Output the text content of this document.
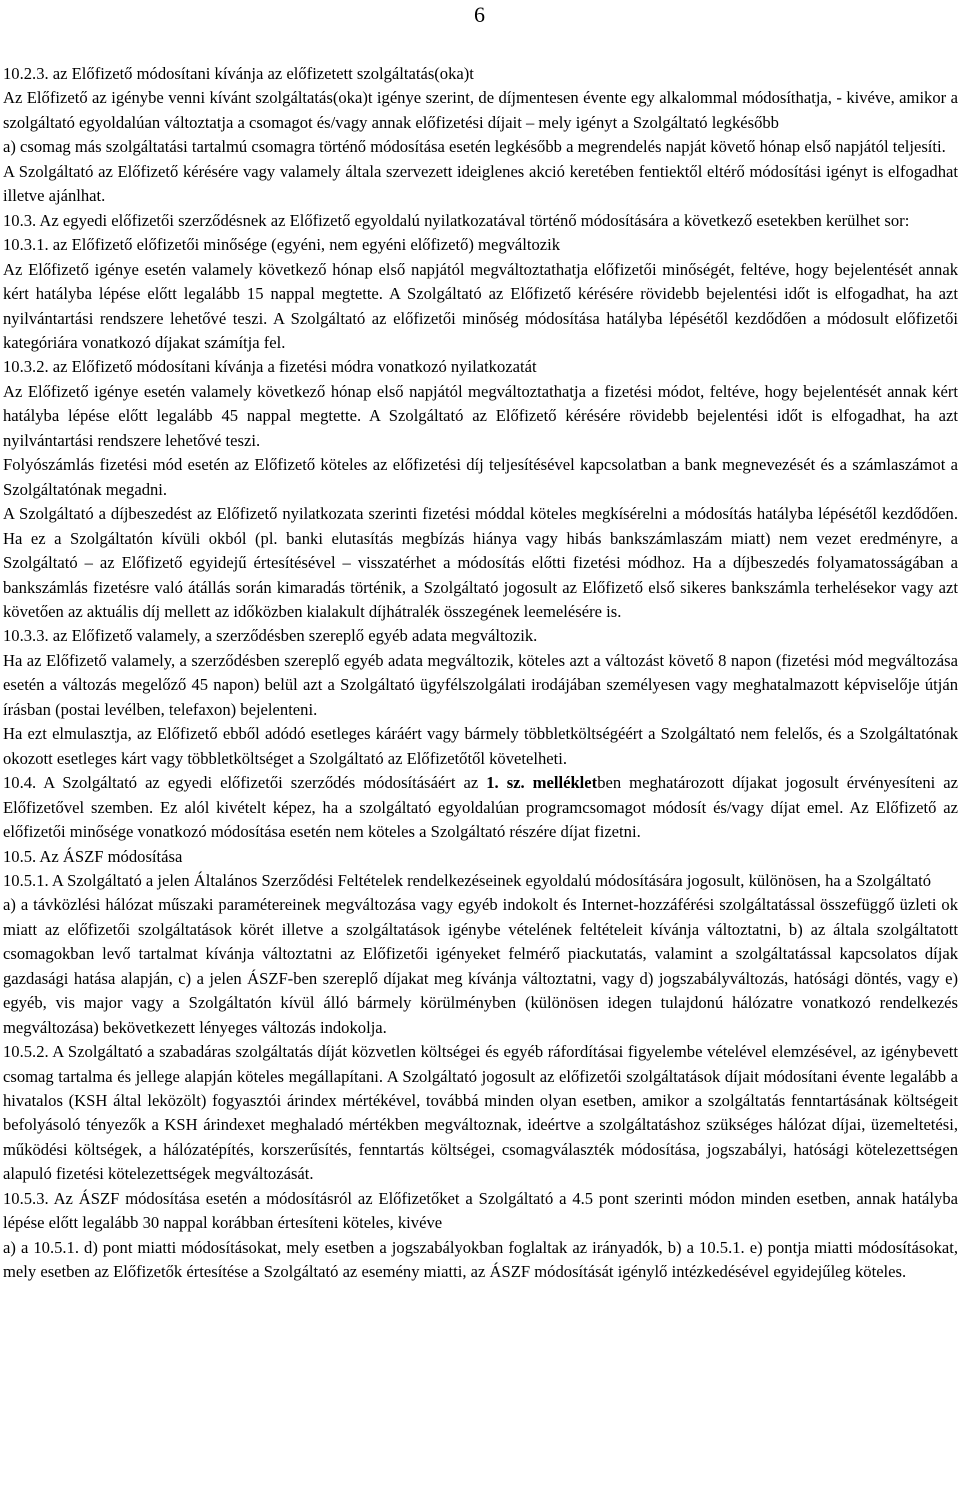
6

10.2.3. az Előfizető módosítani kívánja az előfizetett szolgáltatás(oka)t

Az Előfizető az igénybe venni kívánt szolgáltatás(oka)t igénye szerint, de díjmentesen évente egy alkalommal módosíthatja, - kivéve, amikor a szolgáltató egyoldalúan változtatja a csomagot és/vagy annak előfizetési díjait – mely igényt a Szolgáltató legkésőbb

a) csomag más szolgáltatási tartalmú csomagra történő módosítása esetén legkésőbb a megrendelés napját követő hónap első napjától teljesíti.

A Szolgáltató az Előfizető kérésére vagy valamely általa szervezett ideiglenes akció keretében fentiektől eltérő módosítási igényt is elfogadhat illetve ajánlhat.

10.3. Az egyedi előfizetői szerződésnek az Előfizető egyoldalú nyilatkozatával történő módosítására a következő esetekben kerülhet sor:

10.3.1. az Előfizető előfizetői minősége (egyéni, nem egyéni előfizető) megváltozik

Az Előfizető igénye esetén valamely következő hónap első napjától megváltoztathatja előfizetői minőségét, feltéve, hogy bejelentését annak kért hatályba lépése előtt legalább 15 nappal megtette. A Szolgáltató az Előfizető kérésére rövidebb bejelentési időt is elfogadhat, ha azt nyilvántartási rendszere lehetővé teszi. A Szolgáltató az előfizetői minőség módosítása hatályba lépésétől kezdődően a módosult előfizetői kategóriára vonatkozó díjakat számítja fel.

10.3.2. az Előfizető módosítani kívánja a fizetési módra vonatkozó nyilatkozatát

Az Előfizető igénye esetén valamely következő hónap első napjától megváltoztathatja a fizetési módot, feltéve, hogy bejelentését annak kért hatályba lépése előtt legalább 45 nappal megtette. A Szolgáltató az Előfizető kérésére rövidebb bejelentési időt is elfogadhat, ha azt nyilvántartási rendszere lehetővé teszi.

Folyószámlás fizetési mód esetén az Előfizető köteles az előfizetési díj teljesítésével kapcsolatban a bank megnevezését és a számlaszámot a Szolgáltatónak megadni.

A Szolgáltató a díjbeszedést az Előfizető nyilatkozata szerinti fizetési móddal köteles megkísérelni a módosítás hatályba lépésétől kezdődően. Ha ez a Szolgáltatón kívüli okból (pl. banki elutasítás megbízás hiánya vagy hibás bankszámlaszám miatt) nem vezet eredményre, a Szolgáltató – az Előfizető egyidejű értesítésével – visszatérhet a módosítás előtti fizetési módhoz. Ha a díjbeszedés folyamatosságában a bankszámlás fizetésre való átállás során kimaradás történik, a Szolgáltató jogosult az Előfizető első sikeres bankszámla terhelésekor vagy azt követően az aktuális díj mellett az időközben kialakult díjhátralék összegének leemelésére is.

10.3.3. az Előfizető valamely, a szerződésben szereplő egyéb adata megváltozik.

Ha az Előfizető valamely, a szerződésben szereplő egyéb adata megváltozik, köteles azt a változást követő 8 napon (fizetési mód megváltozása esetén a változás megelőző 45 napon) belül azt a Szolgáltató ügyfélszolgálati irodájában személyesen vagy meghatalmazott képviselője útján írásban (postai levélben, telefaxon) bejelenteni.

Ha ezt elmulasztja, az Előfizető ebből adódó esetleges káráért vagy bármely többletköltségéért a Szolgáltató nem felelős, és a Szolgáltatónak okozott esetleges kárt vagy többletköltséget a Szolgáltató az Előfizetőtől követelheti.

10.4. A Szolgáltató az egyedi előfizetői szerződés módosításáért az 1. sz. mellékletben meghatározott díjakat jogosult érvényesíteni az Előfizetővel szemben. Ez alól kivételt képez, ha a szolgáltató egyoldalúan programcsomagot módosít és/vagy díjat emel. Az Előfizető az előfizetői minősége vonatkozó módosítása esetén nem köteles a Szolgáltató részére díjat fizetni.

10.5. Az ÁSZF módosítása

10.5.1. A Szolgáltató a jelen Általános Szerződési Feltételek rendelkezéseinek egyoldalú módosítására jogosult, különösen, ha a Szolgáltató

a) a távközlési hálózat műszaki paramétereinek megváltozása vagy egyéb indokolt és Internet-hozzáférési szolgáltatással összefüggő üzleti ok miatt az előfizetői szolgáltatások körét illetve a szolgáltatások igénybe vételének feltételeit kívánja változtatni, b) az általa szolgáltatott csomagokban levő tartalmat kívánja változtatni az Előfizetői igényeket felmérő piackutatás, valamint a szolgáltatással kapcsolatos díjak gazdasági hatása alapján, c) a jelen ÁSZF-ben szereplő díjakat meg kívánja változtatni, vagy d) jogszabályváltozás, hatósági döntés, vagy e) egyéb, vis major vagy a Szolgáltatón kívül álló bármely körülményben (különösen idegen tulajdonú hálózatre vonatkozó rendelkezés megváltozása) bekövetkezett lényeges változás indokolja.

10.5.2. A Szolgáltató a szabadáras szolgáltatás díját közvetlen költségei és egyéb ráfordításai figyelembe vételével elemzésével, az igénybevett csomag tartalma és jellege alapján köteles megállapítani. A Szolgáltató jogosult az előfizetői szolgáltatások díjait módosítani évente legalább a hivatalos (KSH által leközölt) fogyasztói árindex mértékével, továbbá minden olyan esetben, amikor a szolgáltatás fenntartásának költségeit befolyásoló tényezők a KSH árindexet meghaladó mértékben megváltoznak, ideértve a szolgáltatáshoz szükséges hálózat díjai, üzemeltetési, működési költségek, a hálózatépítés, korszerűsítés, fenntartás költségei, csomagválaszték módosítása, jogszabályi, hatósági kötelezettségen alapuló fizetési kötelezettségek megváltozását.

10.5.3. Az ÁSZF módosítása esetén a módosításról az Előfizetőket a Szolgáltató a 4.5 pont szerinti módon minden esetben, annak hatályba lépése előtt legalább 30 nappal korábban értesíteni köteles, kivéve

a) a 10.5.1. d) pont miatti módosításokat, mely esetben a jogszabályokban foglaltak az irányadók, b) a 10.5.1. e) pontja miatti módosításokat, mely esetben az Előfizetők értesítése a Szolgáltató az esemény miatti, az ÁSZF módosítását igénylő intézkedésével egyidejűleg köteles.
